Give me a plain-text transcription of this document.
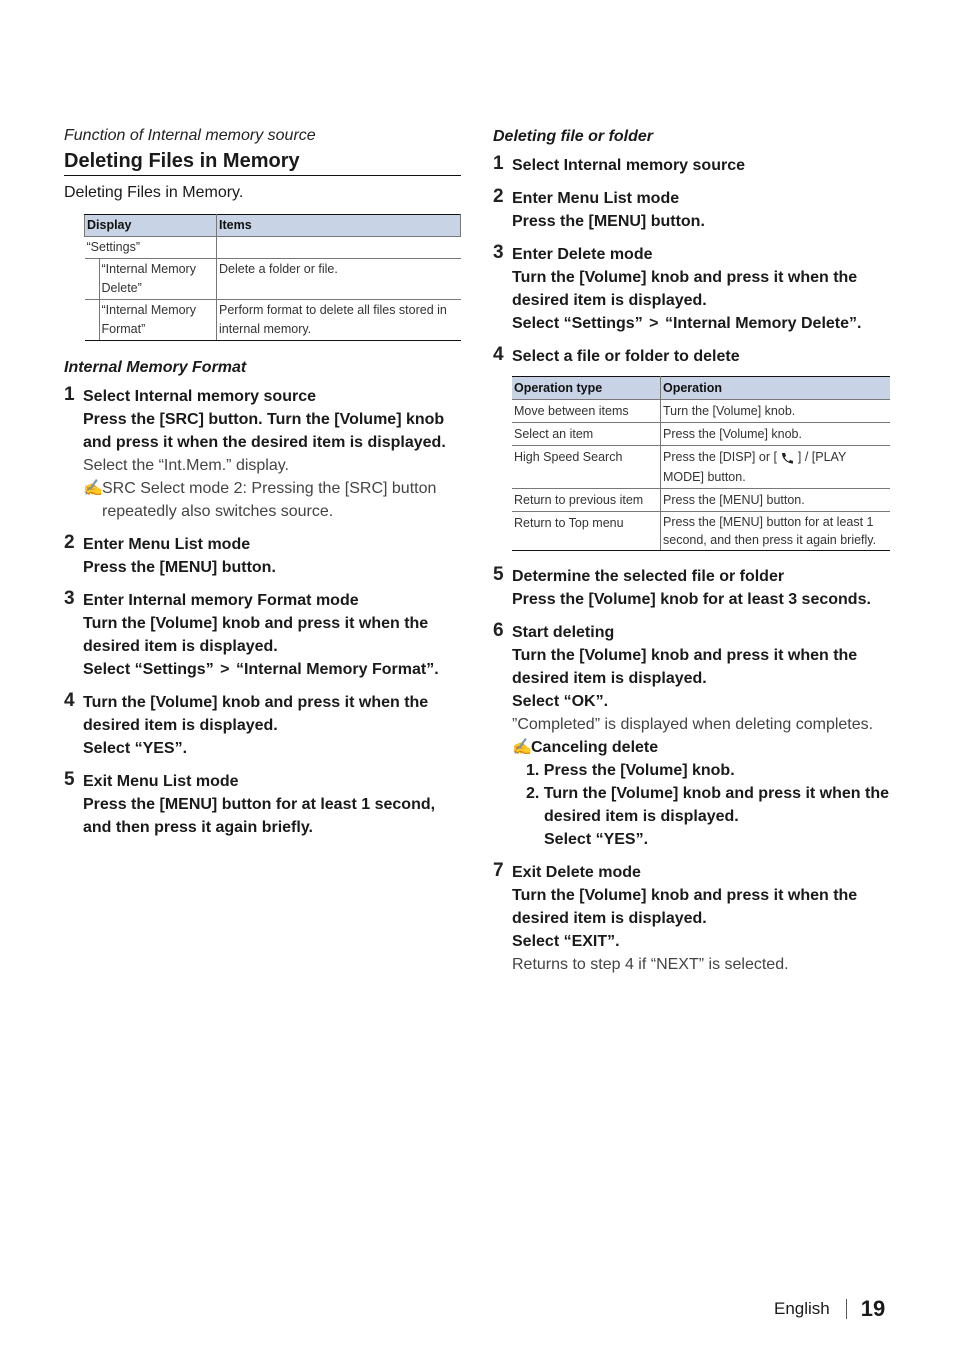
Function of Internal memory source

Deleting Files in Memory

Deleting Files in Memory.

Display	Items
“Settings”	

“Internal Memory Delete”	Delete a folder or file.

“Internal Memory Format”	Perform format to delete all files stored in internal memory.

Internal Memory Format

1 Select Internal memory source

Press the [SRC] button. Turn the [Volume] knob and press it when the desired item is displayed.

Select the “Int.Mem.” display.

✍SRC Select mode 2: Pressing the [SRC] button repeatedly also switches source.

2 Enter Menu List mode

Press the [MENU] button.

3 Enter Internal memory Format mode

Turn the [Volume] knob and press it when the desired item is displayed.

Select “Settings” > “Internal Memory Format”.

4 Turn the [Volume] knob and press it when the desired item is displayed.

Select “YES”.

5 Exit Menu List mode

Press the [MENU] button for at least 1 second, and then press it again briefly.

Deleting file or folder

1 Select Internal memory source

2 Enter Menu List mode

Press the [MENU] button.

3 Enter Delete mode

Turn the [Volume] knob and press it when the desired item is displayed.

Select “Settings” > “Internal Memory Delete”.

4 Select a file or folder to delete

Operation type	Operation
Move between items	Turn the [Volume] knob.
Select an item	Press the [Volume] knob.
High Speed Search	Press the [DISP] or [ ] / [PLAY MODE] button.
Return to previous item	Press the [MENU] button.
Return to Top menu	Press the [MENU] button for at least 1 second, and then press it again briefly.
5 Determine the selected file or folder

Press the [Volume] knob for at least 3 seconds.

6 Start deleting

Turn the [Volume] knob and press it when the desired item is displayed.

Select “OK”.

”Completed” is displayed when deleting completes.

✍Canceling delete

1. Press the [Volume] knob.
2. Turn the [Volume] knob and press it when the desired item is displayed.
Select “YES”.
7 Exit Delete mode

Turn the [Volume] knob and press it when the desired item is displayed.

Select “EXIT”.

Returns to step 4 if “NEXT” is selected.

English 19
